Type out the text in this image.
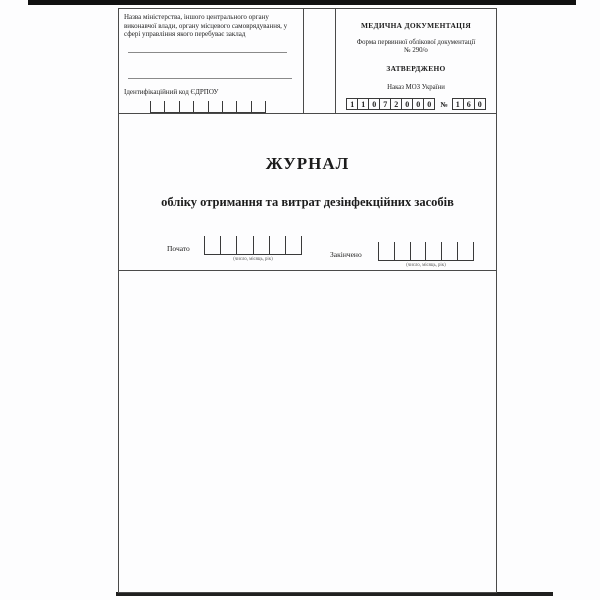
Назва міністерства, іншого центрального органу виконавчої влади, органу місцевого самоврядування, у сфері управління якого перебуває заклад
Ідентифікаційний код ЄДРПОУ

МЕДИЧНА ДОКУМЕНТАЦІЯ

Форма первинної облікової документації

№ 290/о

ЗАТВЕРДЖЕНО

Наказ МОЗ України

1 1 0 7 2 0 0 0	№	1 6 0
ЖУРНАЛ
обліку отримання та витрат дезінфекційних засобів
Почато
(число, місяць, рік)
Закінчено
(число, місяць, рік)
